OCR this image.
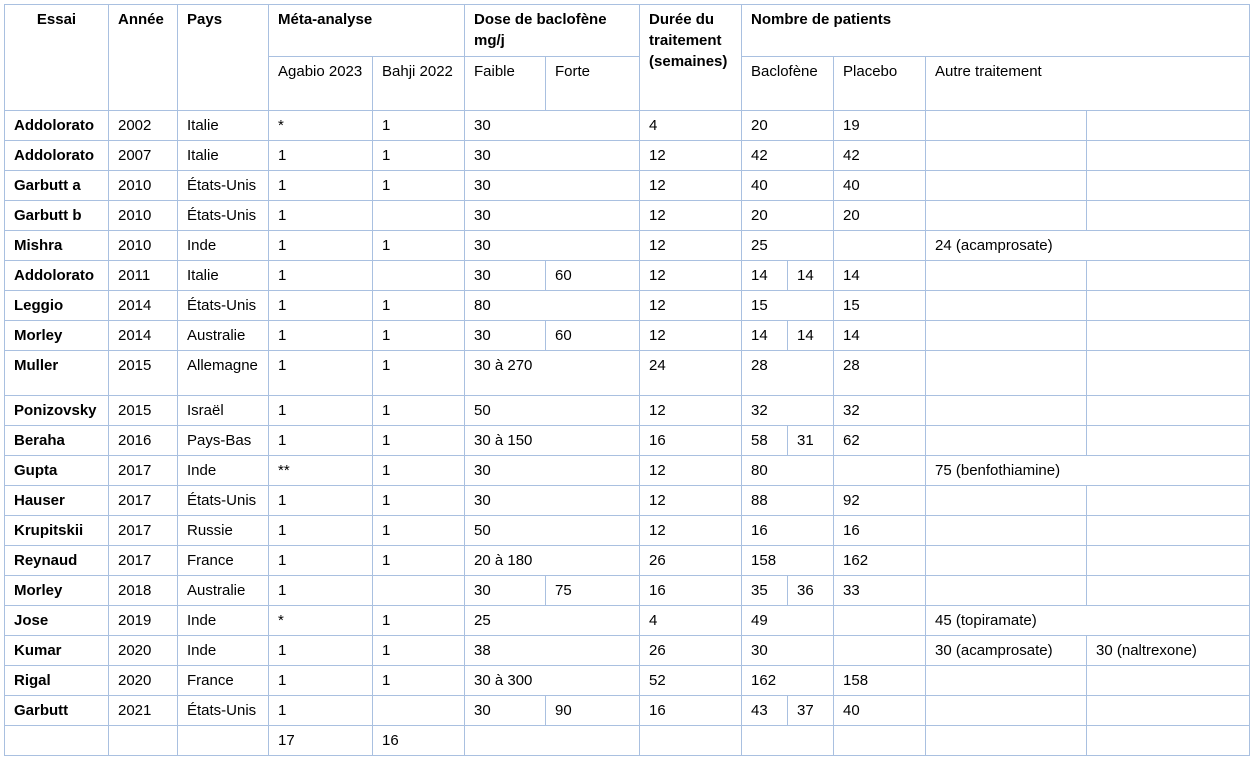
Essai	Année	Pays	Méta-analyse		Dose de baclofène mg/j		Durée du traitement (semaines)	Nombre de patients				
			Agabio 2023	Bahji 2022	Faible	Forte		Baclofène		Placebo	Autre traitement	
Addolorato	2002	Italie	*	1	30		4	20		19		
Addolorato	2007	Italie	1	1	30		12	42		42		
Garbutt a	2010	États-Unis	1	1	30		12	40		40		
Garbutt b	2010	États-Unis	1		30		12	20		20		
Mishra	2010	Inde	1	1	30		12	25			24 (acamprosate)	
Addolorato	2011	Italie	1		30	60	12	14	14	14		
Leggio	2014	États-Unis	1	1	80		12	15		15		
Morley	2014	Australie	1	1	30	60	12	14	14	14		
Muller	2015	Allemagne	1	1	30 à 270		24	28		28		
Ponizovsky	2015	Israël	1	1	50		12	32		32		
Beraha	2016	Pays-Bas	1	1	30 à 150		16	58	31	62		
Gupta	2017	Inde	**	1	30		12	80			75 (benfothiamine)	
Hauser	2017	États-Unis	1	1	30		12	88		92		
Krupitskii	2017	Russie	1	1	50		12	16		16		
Reynaud	2017	France	1	1	20 à 180		26	158		162		
Morley	2018	Australie	1		30	75	16	35	36	33		
Jose	2019	Inde	*	1	25		4	49			45 (topiramate)	
Kumar	2020	Inde	1	1	38		26	30			30 (acamprosate)	30 (naltrexone)
Rigal	2020	France	1	1	30 à 300		52	162		158		
Garbutt	2021	États-Unis	1		30	90	16	43	37	40		
			17	16								
